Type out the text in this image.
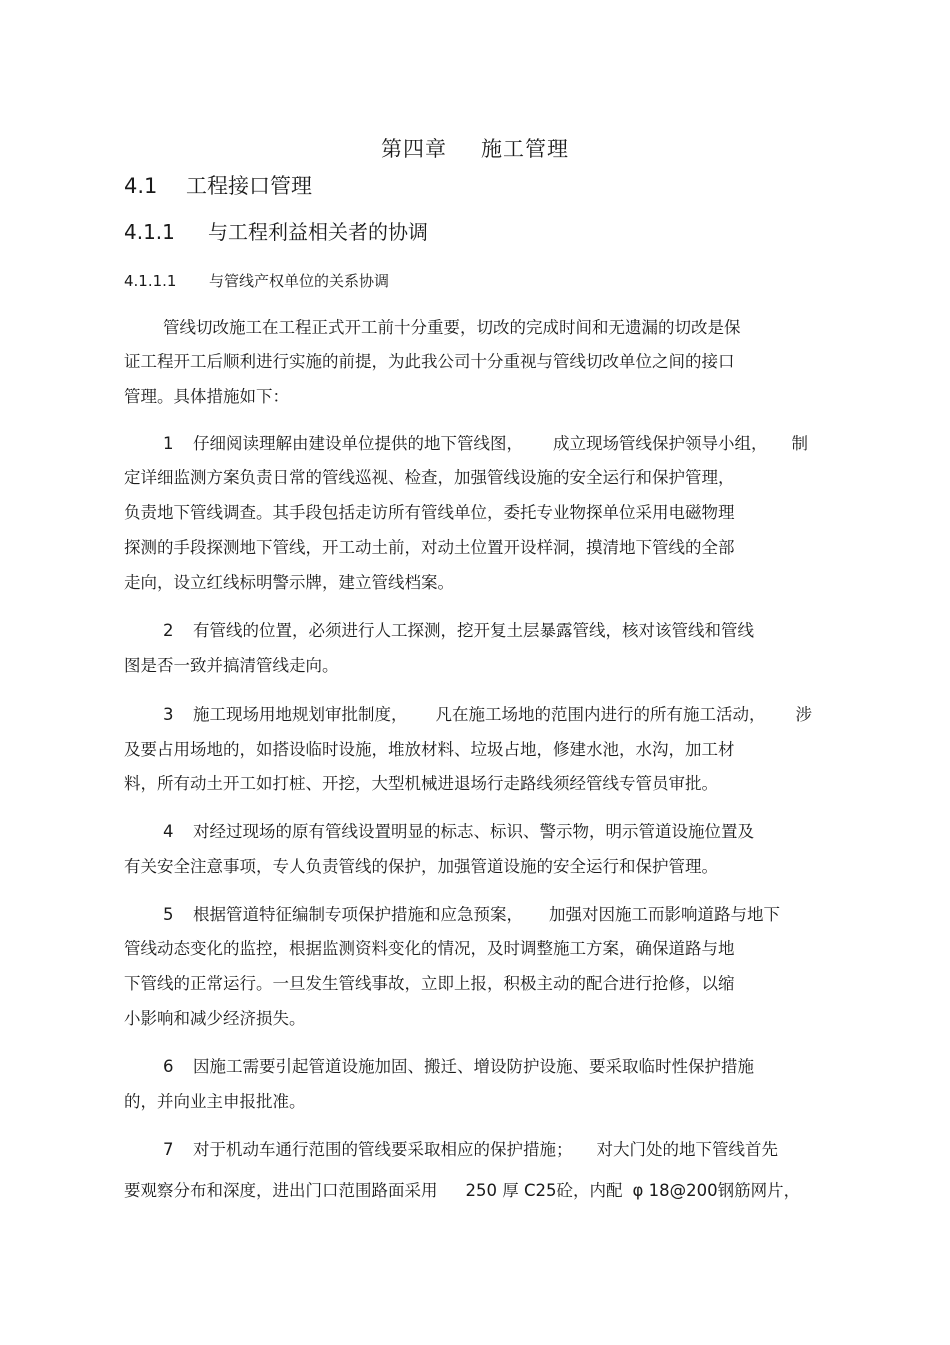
第四章 施工管理
4.1 工程接口管理
4.1.1 与工程利益相关者的协调
4.1.1.1 与管线产权单位的关系协调
管线切改施工在工程正式开工前十分重要，切改的完成时间和无遗漏的切改是保
证工程开工后顺利进行实施的前提，为此我公司十分重视与管线切改单位之间的接口
管理。具体措施如下：
1 仔细阅读理解由建设单位提供的地下管线图， 成立现场管线保护领导小组， 制
定详细监测方案负责日常的管线巡视、检查，加强管线设施的安全运行和保护管理，
负责地下管线调查。其手段包括走访所有管线单位，委托专业物探单位采用电磁物理
探测的手段探测地下管线，开工动土前，对动土位置开设样洞，摸清地下管线的全部
走向，设立红线标明警示牌，建立管线档案。
2 有管线的位置，必须进行人工探测，挖开复土层暴露管线，核对该管线和管线
图是否一致并搞清管线走向。
3 施工现场用地规划审批制度， 凡在施工场地的范围内进行的所有施工活动， 涉
及要占用场地的，如搭设临时设施，堆放材料、垃圾占地，修建水池，水沟，加工材
料，所有动土开工如打桩、开挖，大型机械进退场行走路线须经管线专管员审批。
4 对经过现场的原有管线设置明显的标志、标识、警示物，明示管道设施位置及
有关安全注意事项，专人负责管线的保护，加强管道设施的安全运行和保护管理。
5 根据管道特征编制专项保护措施和应急预案， 加强对因施工而影响道路与地下
管线动态变化的监控，根据监测资料变化的情况，及时调整施工方案，确保道路与地
下管线的正常运行。一旦发生管线事故，立即上报，积极主动的配合进行抢修，以缩
小影响和减少经济损失。
6 因施工需要引起管道设施加固、搬迁、增设防护设施、要采取临时性保护措施
的，并向业主申报批准。
7 对于机动车通行范围的管线要采取相应的保护措施； 对大门处的地下管线首先
要观察分布和深度，进出门口范围路面采用 250 厚 C25砼，内配 φ 18@200钢筋网片，
